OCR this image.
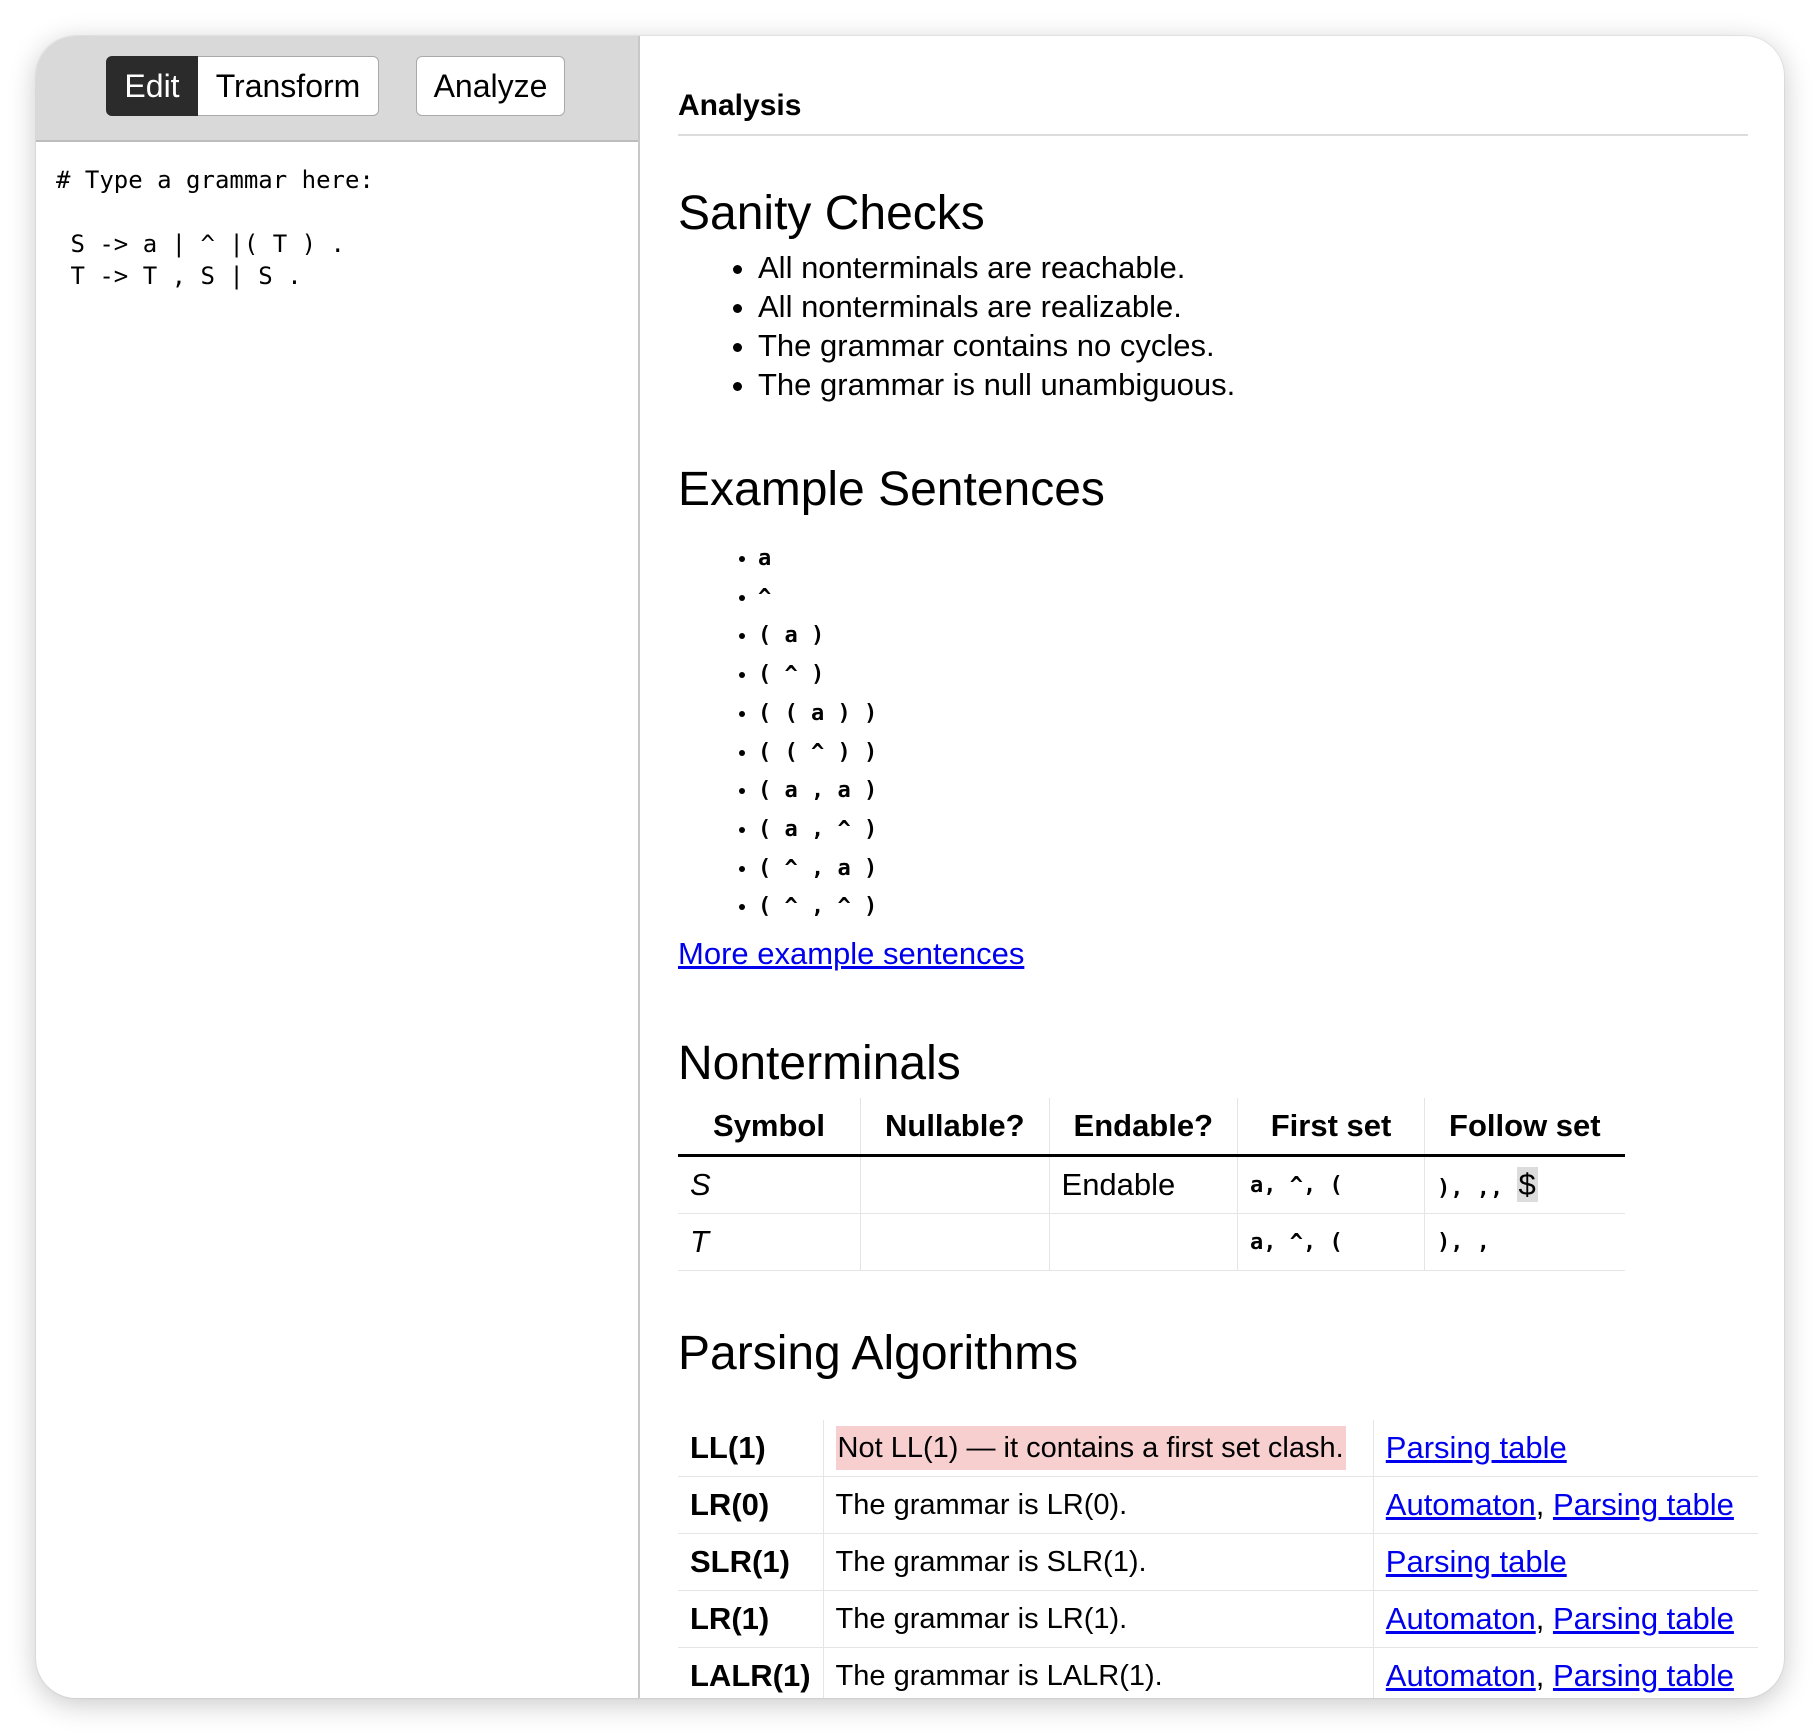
Edit	Transform	Analyze
# Type a grammar here:

S -> a | ^ |( T ) .
T -> T , S | S .
Analysis
Sanity Checks
• All nonterminals are reachable.
• All nonterminals are realizable.
• The grammar contains no cycles.
• The grammar is null unambiguous.
Example Sentences
• a
• ^
• ( a )
• ( ^ )
• ( ( a ) )
• ( ( ^ ) )
• ( a , a )
• ( a , ^ )
• ( ^ , a )
• ( ^ , ^ )
More example sentences
Nonterminals
Symbol	Nullable?	Endable?	First set	Follow set
S		Endable	a, ^, (	), ,, $
T			a, ^, (	), ,
Parsing Algorithms
LL(1)	Not LL(1) — it contains a first set clash.	Parsing table
LR(0)	The grammar is LR(0).	Automaton, Parsing table
SLR(1)	The grammar is SLR(1).	Parsing table
LR(1)	The grammar is LR(1).	Automaton, Parsing table
LALR(1)	The grammar is LALR(1).	Automaton, Parsing table
